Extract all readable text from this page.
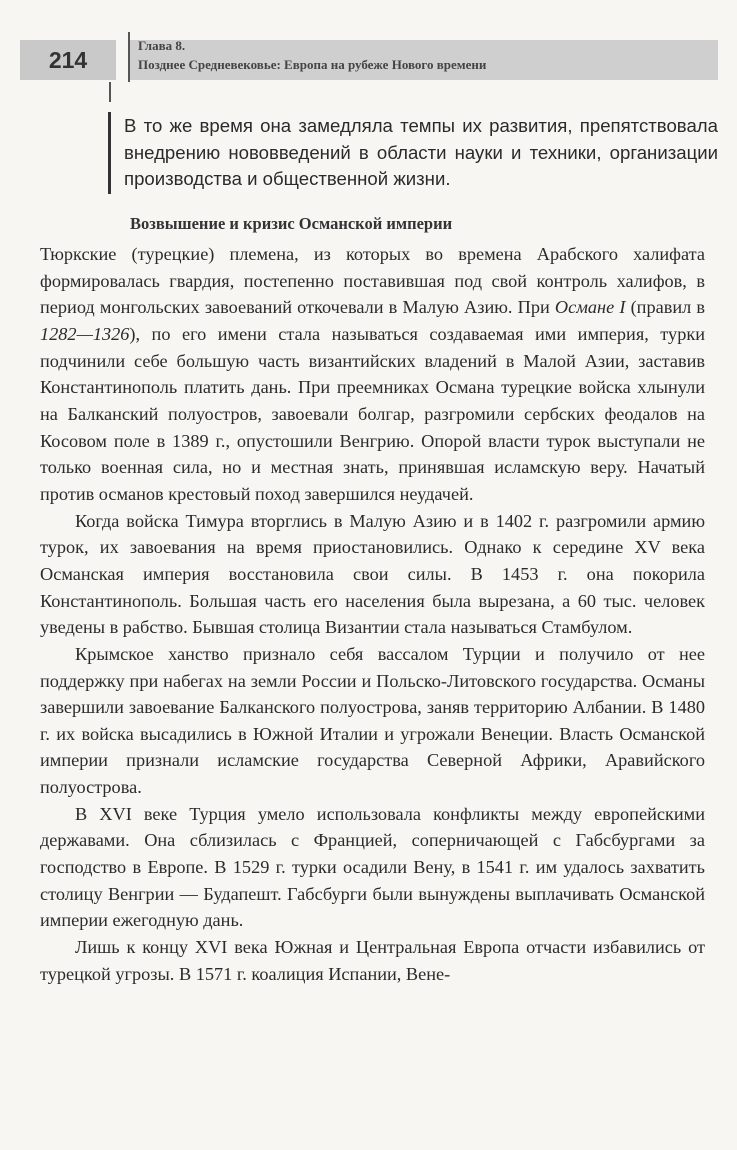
214
Глава 8.
Позднее Средневековье: Европа на рубеже Нового времени
В то же время она замедляла темпы их развития, препятствовала внедрению нововведений в области науки и техники, организации производства и общественной жизни.
Возвышение и кризис Османской империи

Тюркские (турецкие) племена, из которых во времена Арабского халифата формировалась гвардия, постепенно поставившая под свой контроль халифов, в период монгольских завоеваний откочевали в Малую Азию. При Османе I (правил в 1282—1326), по его имени стала называться создаваемая ими империя, турки подчинили себе большую часть византийских владений в Малой Азии, заставив Константинополь платить дань. При преемниках Османа турецкие войска хлынули на Балканский полуостров, завоевали болгар, разгромили сербских феодалов на Косовом поле в 1389 г., опустошили Венгрию. Опорой власти турок выступали не только военная сила, но и местная знать, принявшая исламскую веру. Начатый против османов крестовый поход завершился неудачей.

Когда войска Тимура вторглись в Малую Азию и в 1402 г. разгромили армию турок, их завоевания на время приостановились. Однако к середине XV века Османская империя восстановила свои силы. В 1453 г. она покорила Константинополь. Большая часть его населения была вырезана, а 60 тыс. человек уведены в рабство. Бывшая столица Византии стала называться Стамбулом.

Крымское ханство признало себя вассалом Турции и получило от нее поддержку при набегах на земли России и Польско-Литовского государства. Османы завершили завоевание Балканского полуострова, заняв территорию Албании. В 1480 г. их войска высадились в Южной Италии и угрожали Венеции. Власть Османской империи признали исламские государства Северной Африки, Аравийского полуострова.

В XVI веке Турция умело использовала конфликты между европейскими державами. Она сблизилась с Францией, соперничающей с Габсбургами за господство в Европе. В 1529 г. турки осадили Вену, в 1541 г. им удалось захватить столицу Венгрии — Будапешт. Габсбурги были вынуждены выплачивать Османской империи ежегодную дань.

Лишь к концу XVI века Южная и Центральная Европа отчасти избавились от турецкой угрозы. В 1571 г. коалиция Испании, Вене-
